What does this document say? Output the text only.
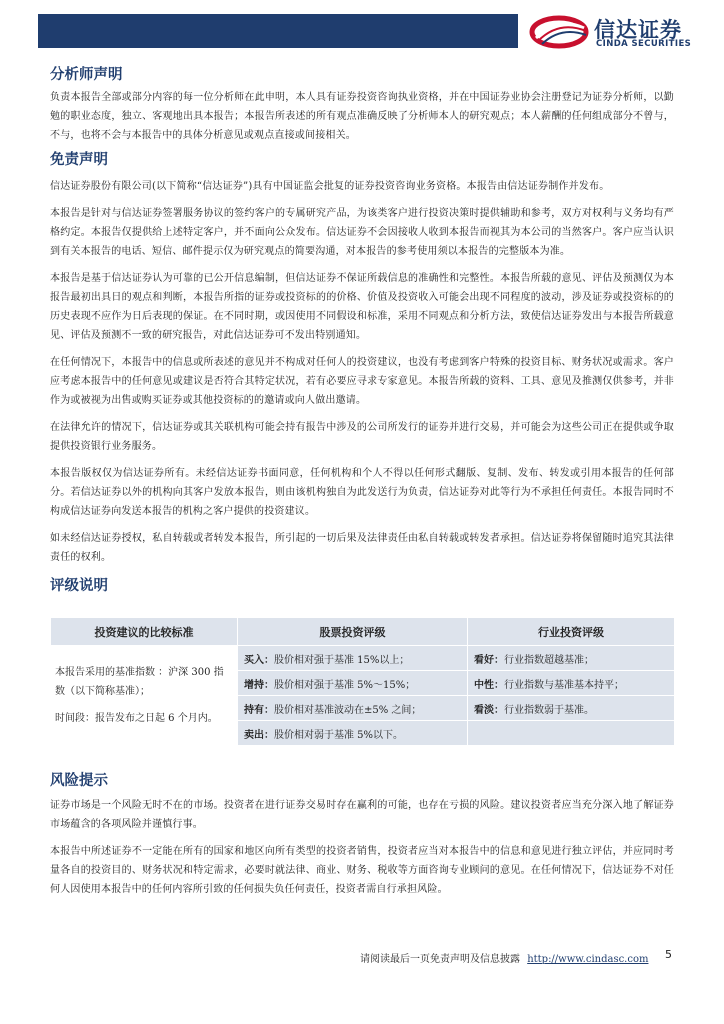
信达证券
CINDA SECURITIES
分析师声明

负责本报告全部或部分内容的每一位分析师在此申明，本人具有证券投资咨询执业资格，并在中国证券业协会注册登记为证券分析师，以勤勉的职业态度，独立、客观地出具本报告；本报告所表述的所有观点准确反映了分析师本人的研究观点；本人薪酬的任何组成部分不曾与，不与，也将不会与本报告中的具体分析意见或观点直接或间接相关。

免责声明

信达证券股份有限公司(以下简称“信达证券”)具有中国证监会批复的证券投资咨询业务资格。本报告由信达证券制作并发布。

本报告是针对与信达证券签署服务协议的签约客户的专属研究产品，为该类客户进行投资决策时提供辅助和参考，双方对权利与义务均有严格约定。本报告仅提供给上述特定客户，并不面向公众发布。信达证券不会因接收人收到本报告而视其为本公司的当然客户。客户应当认识到有关本报告的电话、短信、邮件提示仅为研究观点的简要沟通，对本报告的参考使用须以本报告的完整版本为准。

本报告是基于信达证券认为可靠的已公开信息编制，但信达证券不保证所载信息的准确性和完整性。本报告所载的意见、评估及预测仅为本报告最初出具日的观点和判断，本报告所指的证券或投资标的的价格、价值及投资收入可能会出现不同程度的波动，涉及证券或投资标的的历史表现不应作为日后表现的保证。在不同时期，或因使用不同假设和标准，采用不同观点和分析方法，致使信达证券发出与本报告所载意见、评估及预测不一致的研究报告，对此信达证券可不发出特别通知。

在任何情况下，本报告中的信息或所表述的意见并不构成对任何人的投资建议，也没有考虑到客户特殊的投资目标、财务状况或需求。客户应考虑本报告中的任何意见或建议是否符合其特定状况，若有必要应寻求专家意见。本报告所载的资料、工具、意见及推测仅供参考，并非作为或被视为出售或购买证券或其他投资标的的邀请或向人做出邀请。

在法律允许的情况下，信达证券或其关联机构可能会持有报告中涉及的公司所发行的证券并进行交易，并可能会为这些公司正在提供或争取提供投资银行业务服务。

本报告版权仅为信达证券所有。未经信达证券书面同意，任何机构和个人不得以任何形式翻版、复制、发布、转发或引用本报告的任何部分。若信达证券以外的机构向其客户发放本报告，则由该机构独自为此发送行为负责，信达证券对此等行为不承担任何责任。本报告同时不构成信达证券向发送本报告的机构之客户提供的投资建议。

如未经信达证券授权，私自转载或者转发本报告，所引起的一切后果及法律责任由私自转载或转发者承担。信达证券将保留随时追究其法律责任的权利。

评级说明
投资建议的比较标准	股票投资评级	行业投资评级

本报告采用的基准指数 ：沪深 300 指数（以下简称基准）；
时间段：报告发布之日起 6 个月内。	买入：股价相对强于基准 15%以上；	看好：行业指数超越基准；
	增持：股价相对强于基准 5%～15%；	中性：行业指数与基准基本持平；
	持有：股价相对基准波动在±5% 之间；	看淡：行业指数弱于基准。
	卖出：股价相对弱于基准 5%以下。	
风险提示

证券市场是一个风险无时不在的市场。投资者在进行证券交易时存在赢利的可能，也存在亏损的风险。建议投资者应当充分深入地了解证券市场蕴含的各项风险并谨慎行事。

本报告中所述证券不一定能在所有的国家和地区向所有类型的投资者销售，投资者应当对本报告中的信息和意见进行独立评估，并应同时考量各自的投资目的、财务状况和特定需求，必要时就法律、商业、财务、税收等方面咨询专业顾问的意见。在任何情况下，信达证券不对任何人因使用本报告中的任何内容所引致的任何损失负任何责任，投资者需自行承担风险。

请阅读最后一页免责声明及信息披露 http://www.cindasc.com 5
